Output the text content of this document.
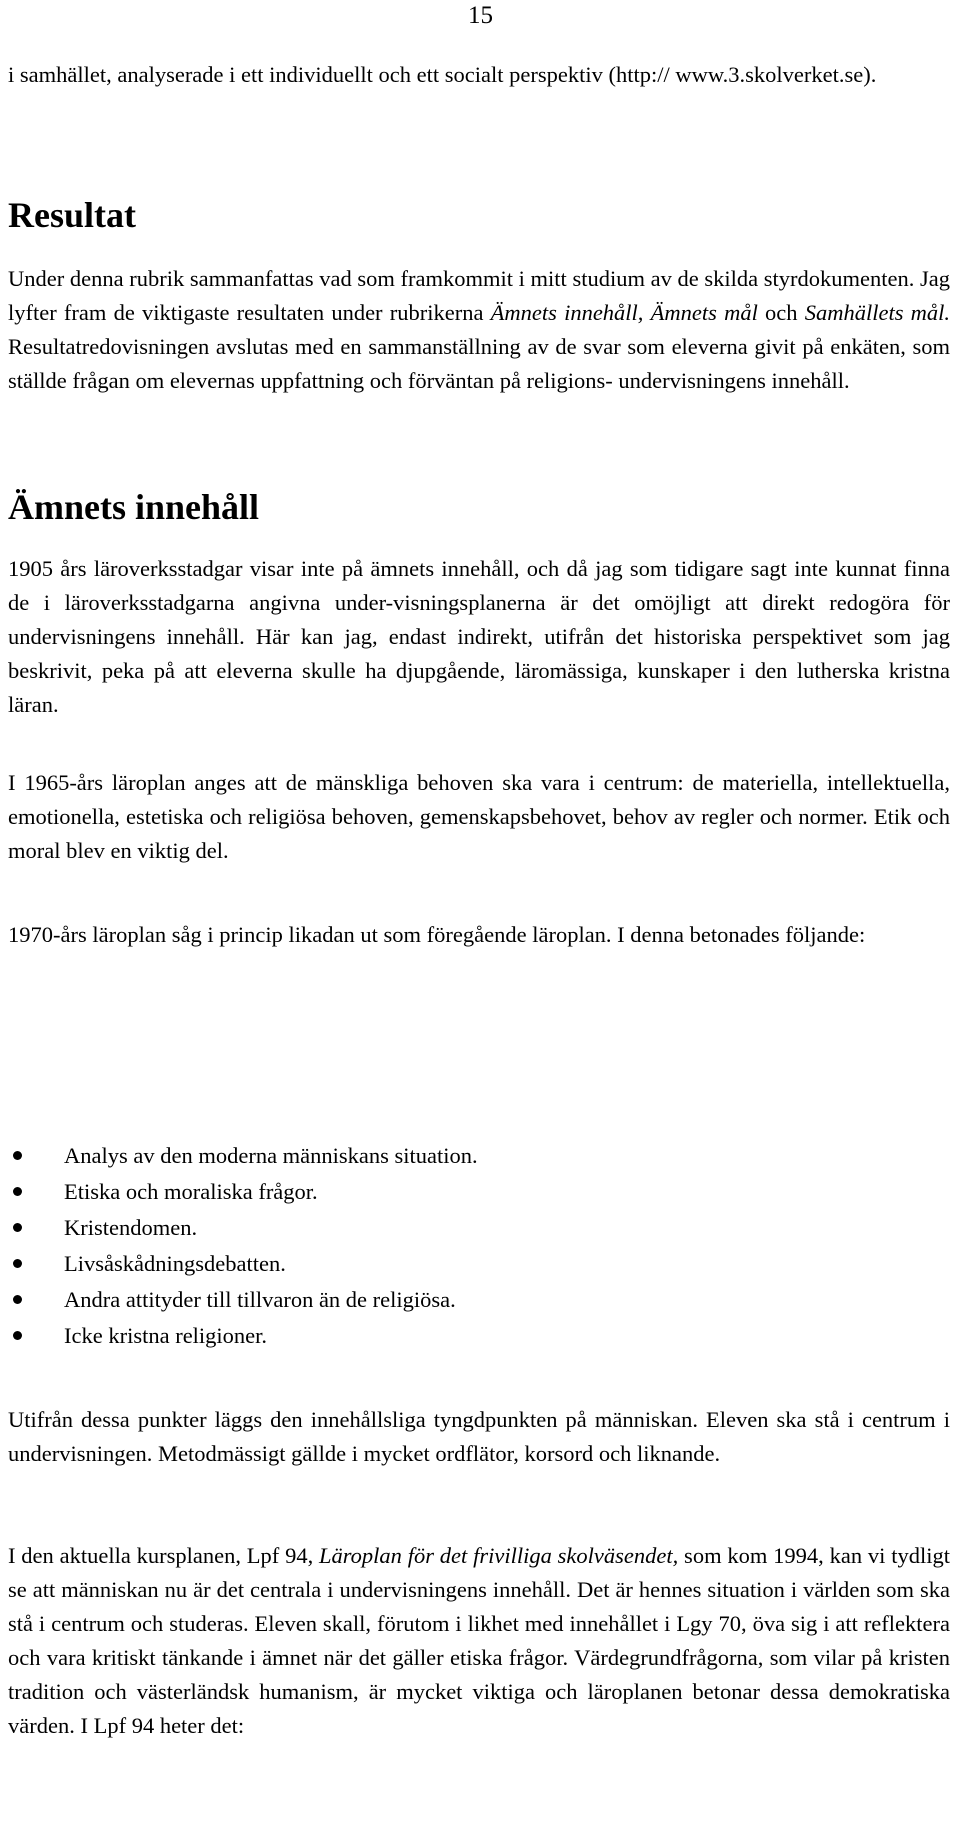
15

i samhället, analyserade i ett individuellt och ett socialt perspektiv (http:// www.3.skolverket.se).

Resultat

Under denna rubrik sammanfattas vad som framkommit i mitt studium av de skilda styrdokumenten. Jag lyfter fram de viktigaste resultaten under rubrikerna Ämnets innehåll, Ämnets mål och Samhällets mål. Resultatredovisningen avslutas med en sammanställning av de svar som eleverna givit på enkäten, som ställde frågan om elevernas uppfattning och förväntan på religions- undervisningens innehåll.

Ämnets innehåll

1905 års läroverksstadgar visar inte på ämnets innehåll, och då jag som tidigare sagt inte kunnat finna de i läroverksstadgarna angivna under-visningsplanerna är det omöjligt att direkt redogöra för undervisningens innehåll. Här kan jag, endast indirekt, utifrån det historiska perspektivet som jag beskrivit, peka på att eleverna skulle ha djupgående, läromässiga, kunskaper i den lutherska kristna läran.

I 1965-års läroplan anges att de mänskliga behoven ska vara i centrum: de materiella, intellektuella, emotionella, estetiska och religiösa behoven, gemenskapsbehovet, behov av regler och normer. Etik och moral blev en viktig del.

1970-års läroplan såg i princip likadan ut som föregående läroplan. I denna betonades följande:

Analys av den moderna människans situation.
Etiska och moraliska frågor.
Kristendomen.
Livsåskådningsdebatten.
Andra attityder till tillvaron än de religiösa.
Icke kristna religioner.

Utifrån dessa punkter läggs den innehållsliga tyngdpunkten på människan. Eleven ska stå i centrum i undervisningen. Metodmässigt gällde i mycket ordflätor, korsord och liknande.

I den aktuella kursplanen, Lpf 94, Läroplan för det frivilliga skolväsendet, som kom 1994, kan vi tydligt se att människan nu är det centrala i undervisningens innehåll. Det är hennes situation i världen som ska stå i centrum och studeras. Eleven skall, förutom i likhet med innehållet i Lgy 70, öva sig i att reflektera och vara kritiskt tänkande i ämnet när det gäller etiska frågor. Värdegrundfrågorna, som vilar på kristen tradition och västerländsk humanism, är mycket viktiga och läroplanen betonar dessa demokratiska värden. I Lpf 94 heter det:
